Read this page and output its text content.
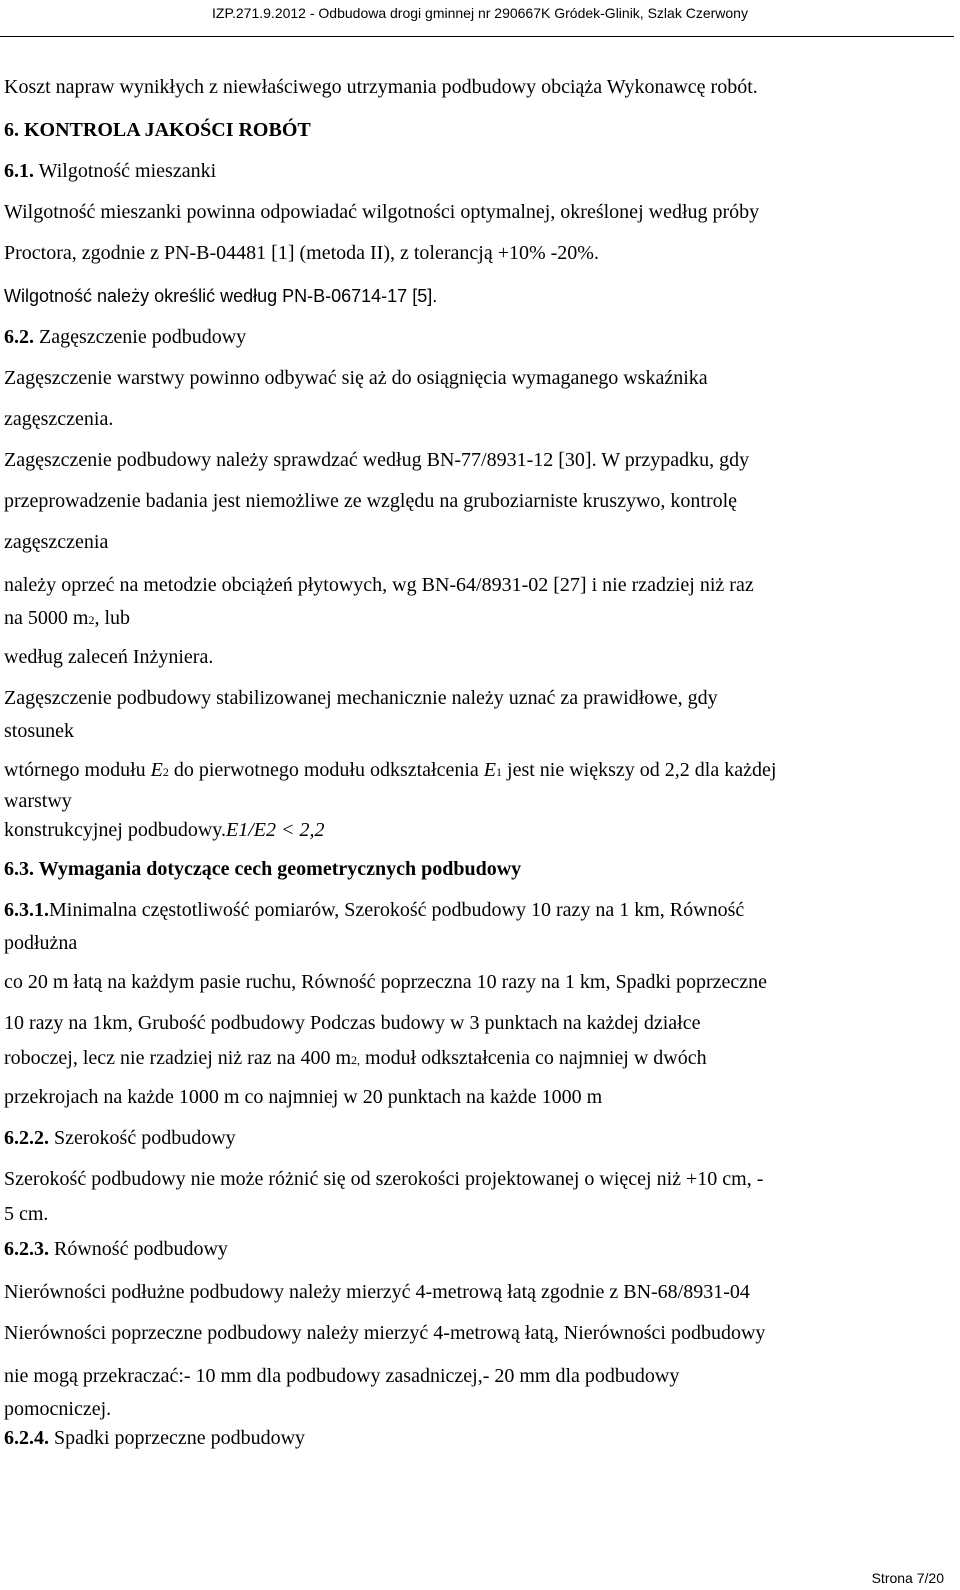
IZP.271.9.2012 - Odbudowa drogi gminnej nr 290667K Gródek-Glinik, Szlak Czerwony

Koszt napraw wynikłych z niewłaściwego utrzymania podbudowy obciąża Wykonawcę robót.

6. KONTROLA JAKOŚCI ROBÓT

6.1. Wilgotność mieszanki

Wilgotność mieszanki powinna odpowiadać wilgotności optymalnej, określonej według próby

Proctora, zgodnie z PN-B-04481 [1] (metoda II), z tolerancją +10% -20%.

Wilgotność należy określić według PN-B-06714-17 [5].

6.2. Zagęszczenie podbudowy

Zagęszczenie warstwy powinno odbywać się aż do osiągnięcia wymaganego wskaźnika

zagęszczenia.

Zagęszczenie podbudowy należy sprawdzać według BN-77/8931-12 [30]. W przypadku, gdy

przeprowadzenie badania jest niemożliwe ze względu na gruboziarniste kruszywo, kontrolę

zagęszczenia

należy oprzeć na metodzie obciążeń płytowych, wg BN-64/8931-02 [27] i nie rzadziej niż raz

na 5000 m2, lub

według zaleceń Inżyniera.

Zagęszczenie podbudowy stabilizowanej mechanicznie należy uznać za prawidłowe, gdy

stosunek

wtórnego modułu E2 do pierwotnego modułu odkształcenia E1 jest nie większy od 2,2 dla każdej

warstwy

konstrukcyjnej podbudowy.E1/E2 < 2,2

6.3. Wymagania dotyczące cech geometrycznych podbudowy

6.3.1.Minimalna częstotliwość pomiarów, Szerokość podbudowy 10 razy na 1 km, Równość

podłużna

co 20 m łatą na każdym pasie ruchu, Równość poprzeczna 10 razy na 1 km, Spadki poprzeczne

10 razy na 1km, Grubość podbudowy Podczas budowy w 3 punktach na każdej działce

roboczej, lecz nie rzadziej niż raz na 400 m2, moduł odkształcenia co najmniej w dwóch

przekrojach na każde 1000 m co najmniej w 20 punktach na każde 1000 m

6.2.2. Szerokość podbudowy

Szerokość podbudowy nie może różnić się od szerokości projektowanej o więcej niż +10 cm, -

5 cm.

6.2.3. Równość podbudowy

Nierówności podłużne podbudowy należy mierzyć 4-metrową łatą zgodnie z BN-68/8931-04

Nierówności poprzeczne podbudowy należy mierzyć 4-metrową łatą, Nierówności podbudowy

nie mogą przekraczać:- 10 mm dla podbudowy zasadniczej,- 20 mm dla podbudowy

pomocniczej.

6.2.4. Spadki poprzeczne podbudowy

Strona 7/20
